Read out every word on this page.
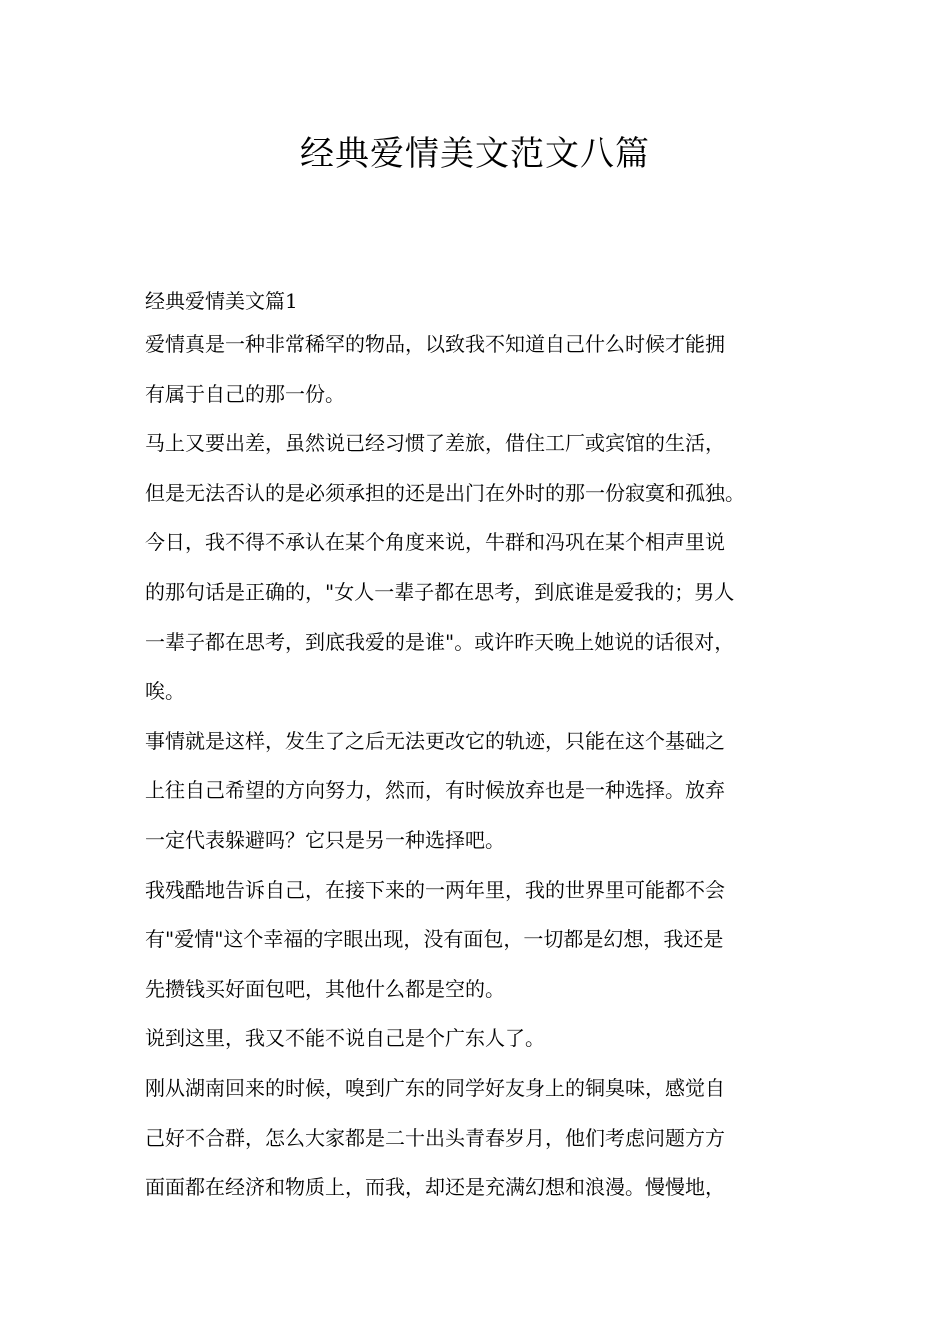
经典爱情美文范文八篇
经典爱情美文篇1

爱情真是一种非常稀罕的物品，以致我不知道自己什么时候才能拥

有属于自己的那一份。

马上又要出差，虽然说已经习惯了差旅，借住工厂或宾馆的生活，

但是无法否认的是必须承担的还是出门在外时的那一份寂寞和孤独。

今日，我不得不承认在某个角度来说，牛群和冯巩在某个相声里说

的那句话是正确的，"女人一辈子都在思考，到底谁是爱我的；男人

一辈子都在思考，到底我爱的是谁"。或许昨天晚上她说的话很对，

唉。

事情就是这样，发生了之后无法更改它的轨迹，只能在这个基础之

上往自己希望的方向努力，然而，有时候放弃也是一种选择。放弃

一定代表躲避吗？它只是另一种选择吧。

我残酷地告诉自己，在接下来的一两年里，我的世界里可能都不会

有"爱情"这个幸福的字眼出现，没有面包，一切都是幻想，我还是

先攒钱买好面包吧，其他什么都是空的。

说到这里，我又不能不说自己是个广东人了。

刚从湖南回来的时候，嗅到广东的同学好友身上的铜臭味，感觉自

己好不合群，怎么大家都是二十出头青春岁月，他们考虑问题方方

面面都在经济和物质上，而我，却还是充满幻想和浪漫。慢慢地，
